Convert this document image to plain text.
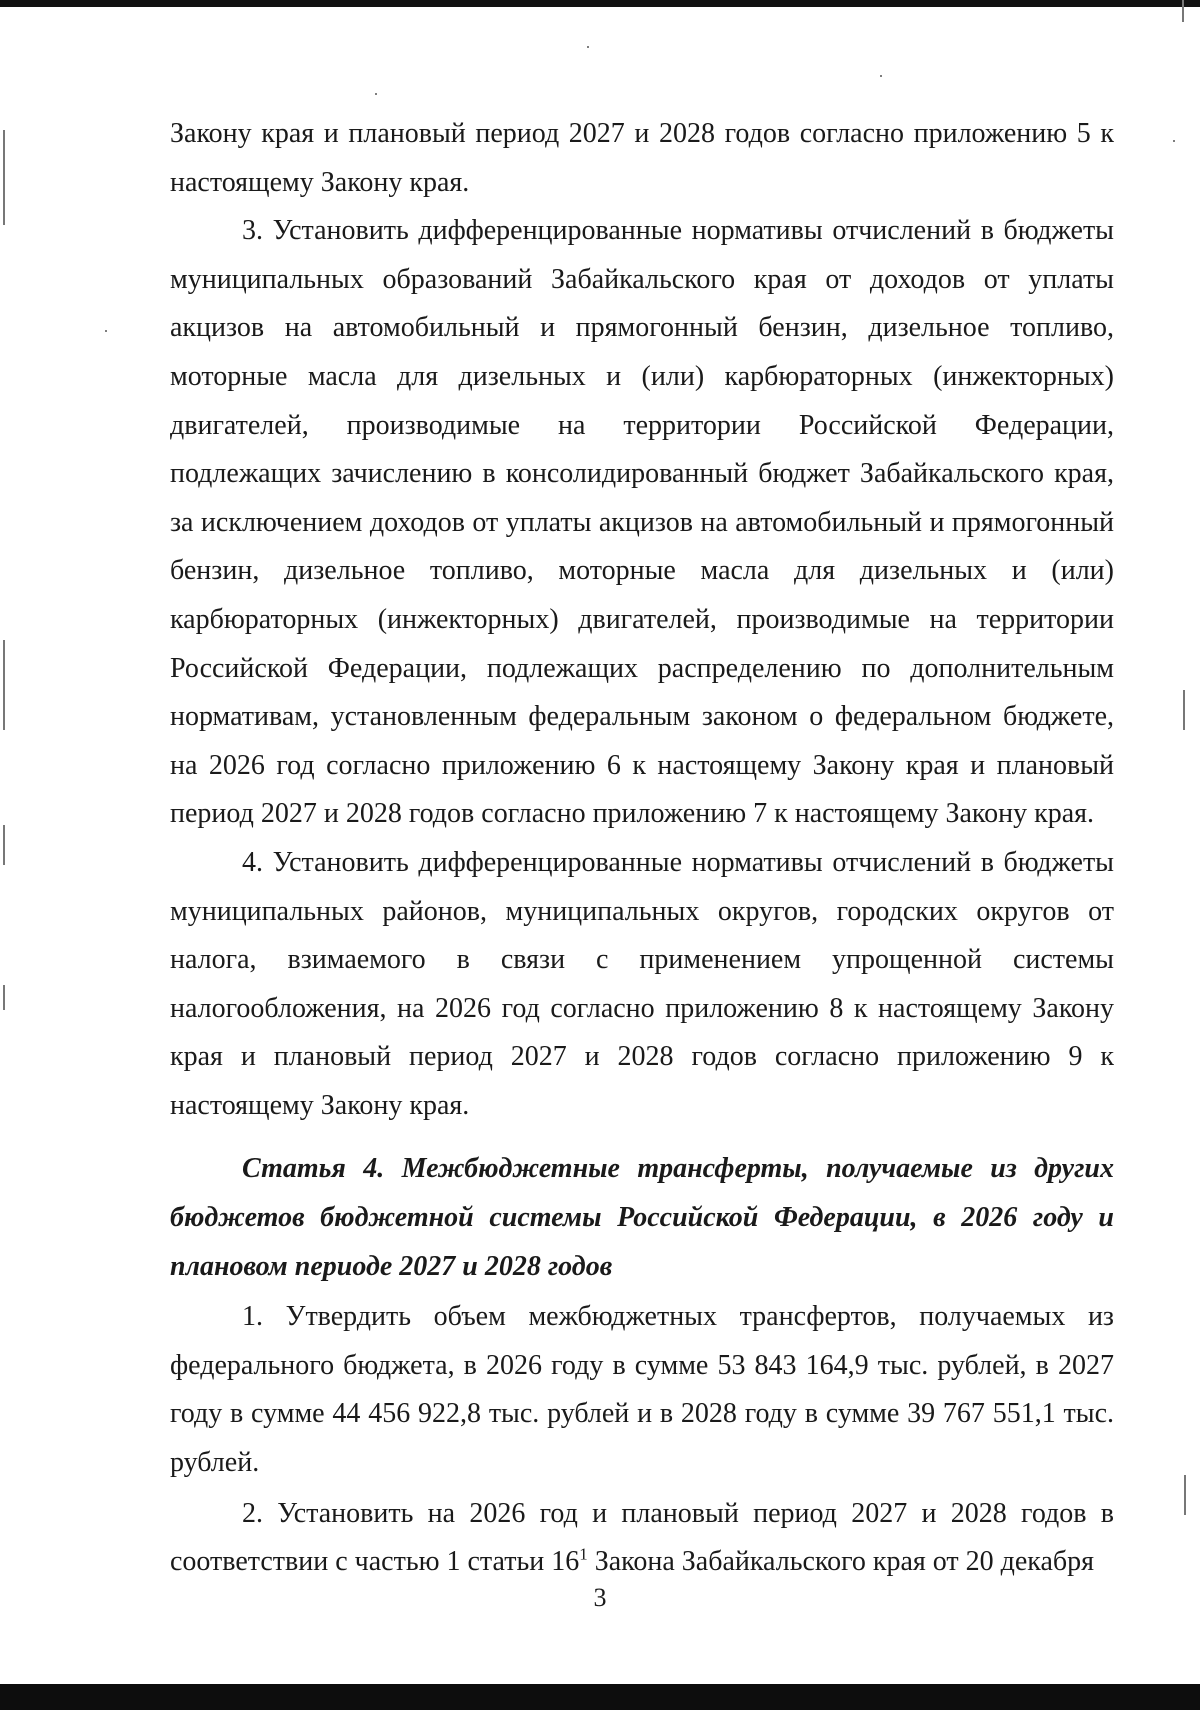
Закону края и плановый период 2027 и 2028 годов согласно приложению 5 к настоящему Закону края.

3. Установить дифференцированные нормативы отчислений в бюджеты муниципальных образований Забайкальского края от доходов от уплаты акцизов на автомобильный и прямогонный бензин, дизельное топливо, моторные масла для дизельных и (или) карбюраторных (инжекторных) двигателей, производимые на территории Российской Федерации, подлежащих зачислению в консолидированный бюджет Забайкальского края, за исключением доходов от уплаты акцизов на автомобильный и прямогонный бензин, дизельное топливо, моторные масла для дизельных и (или) карбюраторных (инжекторных) двигателей, производимые на территории Российской Федерации, подлежащих распределению по дополнительным нормативам, установленным федеральным законом о федеральном бюджете, на 2026 год согласно приложению 6 к настоящему Закону края и плановый период 2027 и 2028 годов согласно приложению 7 к настоящему Закону края.

4. Установить дифференцированные нормативы отчислений в бюджеты муниципальных районов, муниципальных округов, городских округов от налога, взимаемого в связи с применением упрощенной системы налогообложения, на 2026 год согласно приложению 8 к настоящему Закону края и плановый период 2027 и 2028 годов согласно приложению 9 к настоящему Закону края.

Статья 4. Межбюджетные трансферты, получаемые из других бюджетов бюджетной системы Российской Федерации, в 2026 году и плановом периоде 2027 и 2028 годов

1. Утвердить объем межбюджетных трансфертов, получаемых из федерального бюджета, в 2026 году в сумме 53 843 164,9 тыс. рублей, в 2027 году в сумме 44 456 922,8 тыс. рублей и в 2028 году в сумме 39 767 551,1 тыс. рублей.

2. Установить на 2026 год и плановый период 2027 и 2028 годов в соответствии с частью 1 статьи $16^1$ Закона Забайкальского края от 20 декабря

3
